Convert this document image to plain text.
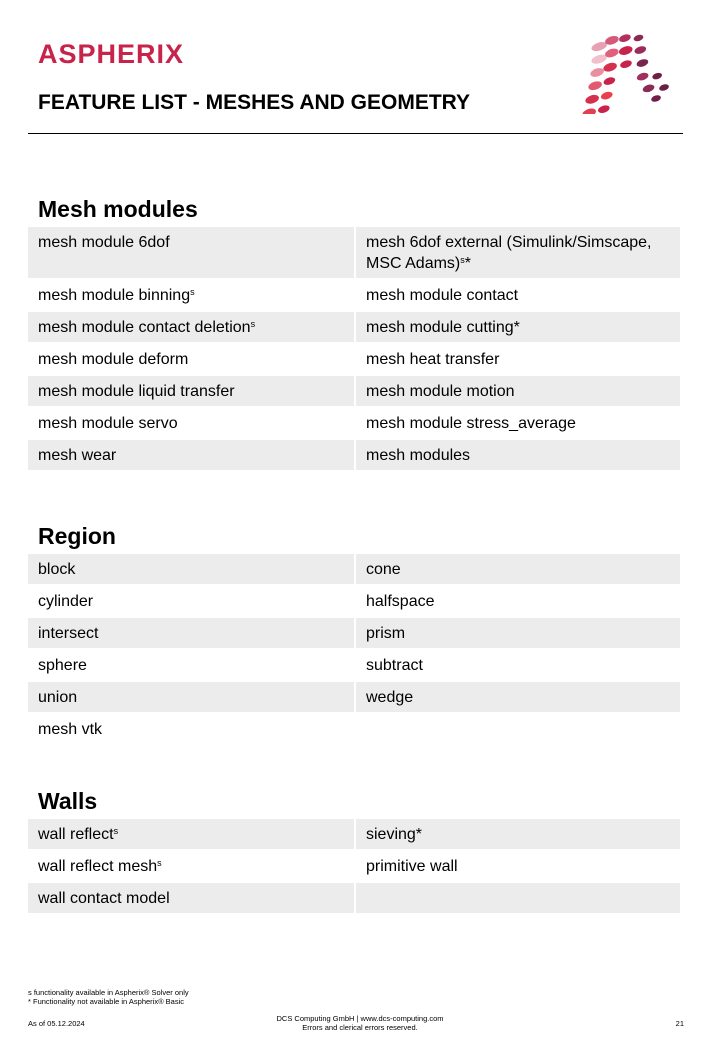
ASPHERIX
FEATURE LIST - MESHES AND GEOMETRY
Mesh modules
mesh module 6dof	mesh 6dof external (Simulink/Simscape, MSC Adams)$^s$*
mesh module binning$^s$	mesh module contact
mesh module contact deletion$^s$	mesh module cutting*
mesh module deform	mesh heat transfer
mesh module liquid transfer	mesh module motion
mesh module servo	mesh module stress_average
mesh wear	mesh modules
Region
block	cone
cylinder	halfspace
intersect	prism
sphere	subtract
union	wedge
mesh vtk	
Walls
wall reflect$^s$	sieving*
wall reflect mesh$^s$	primitive wall
wall contact model	
s functionality available in Aspherix® Solver only
* Functionality not available in Aspherix® Basic
As of 05.12.2024
DCS Computing GmbH | www.dcs-computing.com
Errors and clerical errors reserved.	21
